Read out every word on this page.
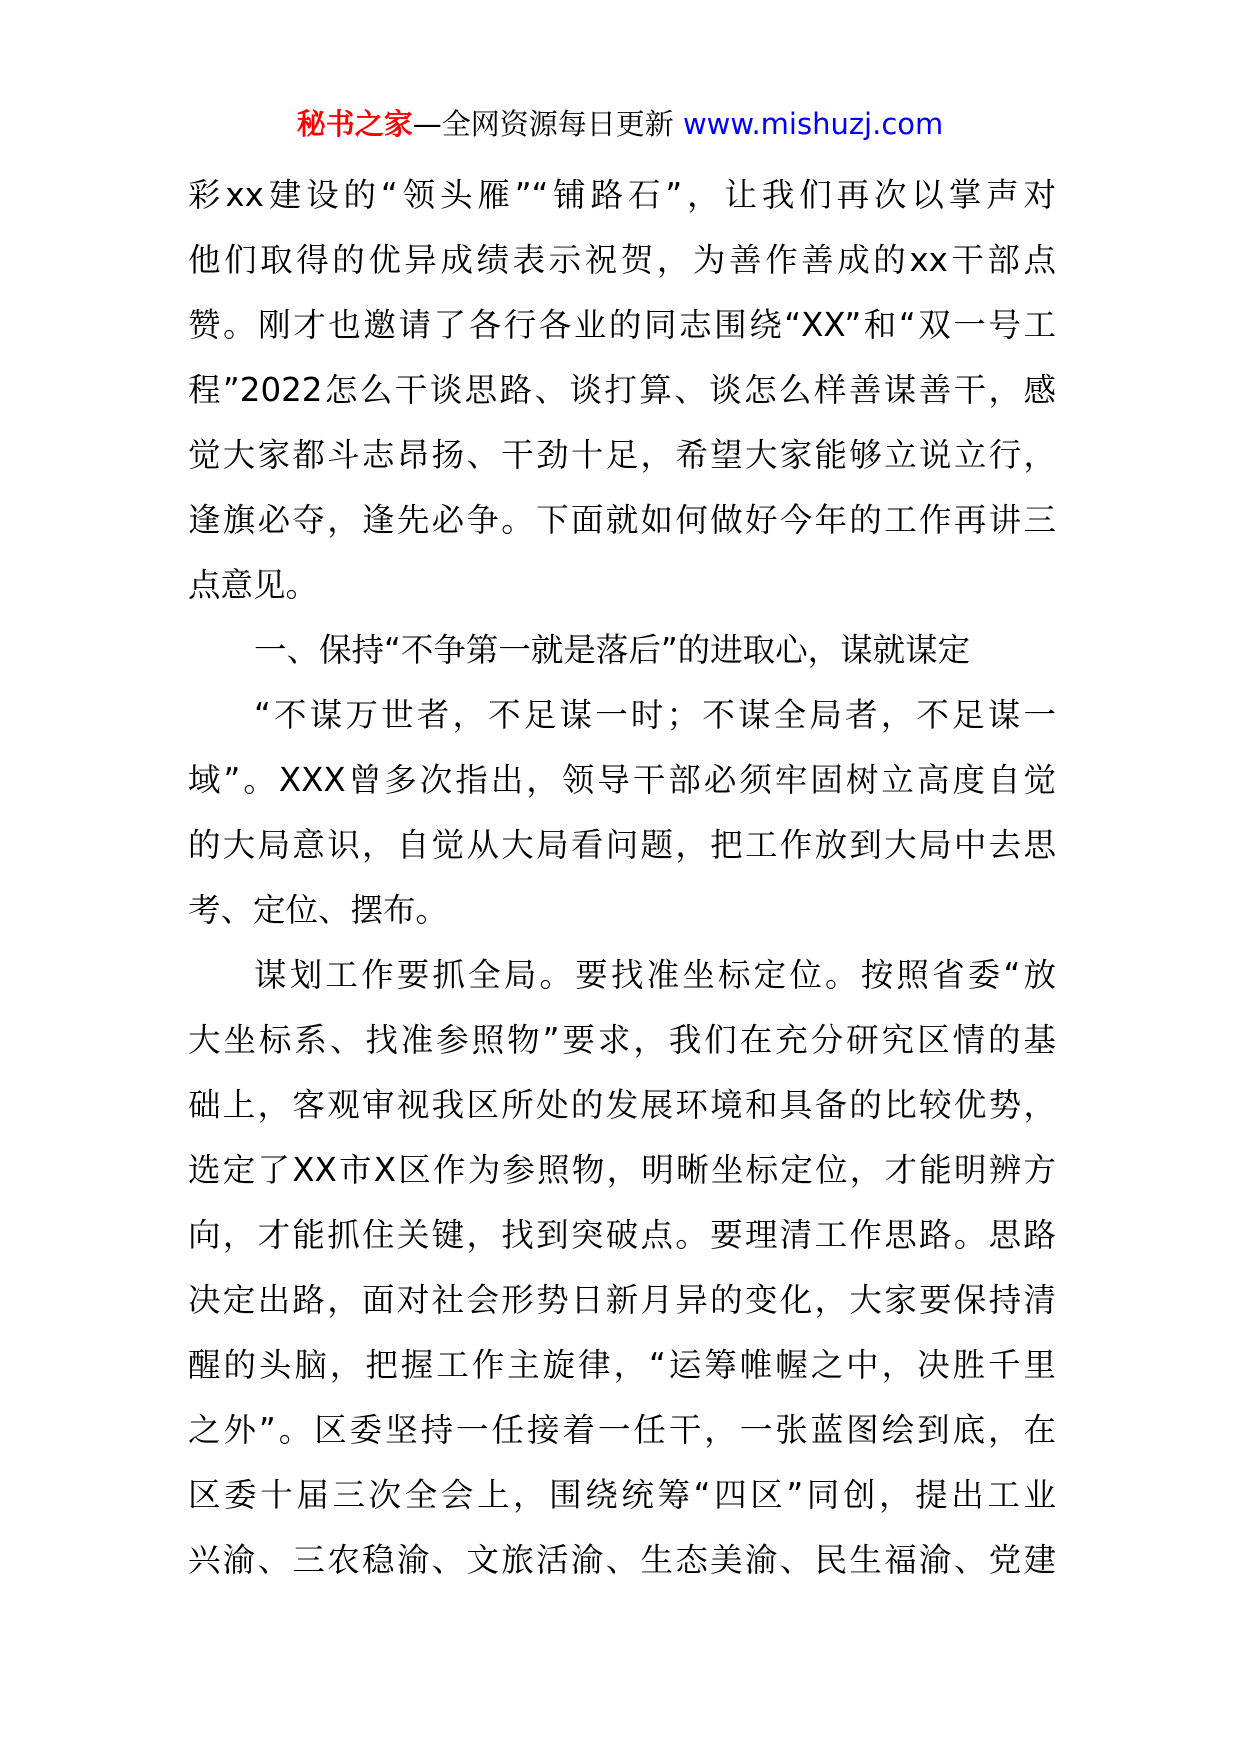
秘书之家—全网资源每日更新 www.mishuzj.com
彩xx建设的“领头雁”“铺路石”，让我们再次以掌声对
他们取得的优异成绩表示祝贺，为善作善成的xx干部点
赞。刚才也邀请了各行各业的同志围绕“XX”和“双一号工
程”2022怎么干谈思路、谈打算、谈怎么样善谋善干，感
觉大家都斗志昂扬、干劲十足，希望大家能够立说立行，
逢旗必夺，逢先必争。下面就如何做好今年的工作再讲三
点意见。
一、保持“不争第一就是落后”的进取心，谋就谋定
“不谋万世者，不足谋一时；不谋全局者，不足谋一
域”。XXX曾多次指出，领导干部必须牢固树立高度自觉
的大局意识，自觉从大局看问题，把工作放到大局中去思
考、定位、摆布。
谋划工作要抓全局。要找准坐标定位。按照省委“放
大坐标系、找准参照物”要求，我们在充分研究区情的基
础上，客观审视我区所处的发展环境和具备的比较优势，
选定了XX市X区作为参照物，明晰坐标定位，才能明辨方
向，才能抓住关键，找到突破点。要理清工作思路。思路
决定出路，面对社会形势日新月异的变化，大家要保持清
醒的头脑，把握工作主旋律，“运筹帷幄之中，决胜千里
之外”。区委坚持一任接着一任干，一张蓝图绘到底，在
区委十届三次全会上，围绕统筹“四区”同创，提出工业
兴渝、三农稳渝、文旅活渝、生态美渝、民生福渝、党建
